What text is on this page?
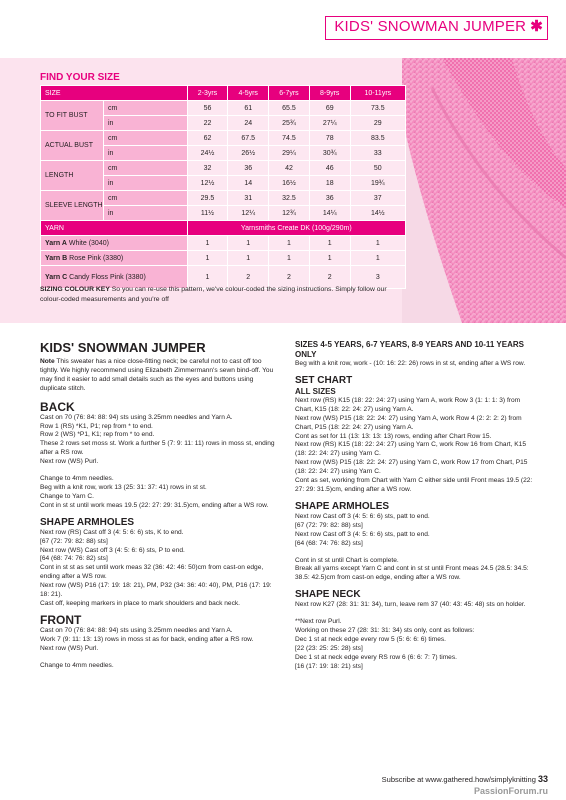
KIDS' SNOWMAN JUMPER ✱
FIND YOUR SIZE
SIZE		2-3yrs	4-5yrs	6-7yrs	8-9yrs	10-11yrs
TO FIT BUST	cm	56	61	65.5	69	73.5
	in	22	24	25¾	27¼	29
ACTUAL BUST	cm	62	67.5	74.5	78	83.5
	in	24½	26½	29¼	30¾	33
LENGTH	cm	32	36	42	46	50
	in	12½	14	16½	18	19¾
SLEEVE LENGTH	cm	29.5	31	32.5	36	37
	in	11½	12¼	12¾	14¼	14½
YARN		Yarnsmiths Create DK (100g/290m)				
Yarn A White (3040)		1	1	1	1	1
Yarn B Rose Pink (3380)		1	1	1	1	1
Yarn C Candy Floss Pink (3380)		1	2	2	2	3
SIZING COLOUR KEY So you can re-use this pattern, we've colour-coded the sizing instructions. Simply follow our colour-coded measurements and you're off
KIDS' SNOWMAN JUMPER

Note This sweater has a nice close-fitting neck; be careful not to cast off too tightly. We highly recommend using Elizabeth Zimmermann's sewn bind-off. You may find it easier to add small details such as the eyes and buttons using duplicate stitch.

BACK

Cast on 70 (76: 84: 88: 94) sts using 3.25mm needles and Yarn A.

Row 1 (RS) *K1, P1; rep from * to end.

Row 2 (WS) *P1, K1; rep from * to end.

These 2 rows set moss st. Work a further 5 (7: 9: 11: 11) rows in moss st, ending after a RS row.

Next row (WS) Purl.

Change to 4mm needles.

Beg with a knit row, work 13 (25: 31: 37: 41) rows in st st.

Change to Yarn C.

Cont in st st until work meas 19.5 (22: 27: 29: 31.5)cm, ending after a WS row.

SHAPE ARMHOLES

Next row (RS) Cast off 3 (4: 5: 6: 6) sts, K to end.

[67 (72: 79: 82: 88) sts]

Next row (WS) Cast off 3 (4: 5: 6: 6) sts, P to end.

[64 (68: 74: 76: 82) sts]

Cont in st st as set until work meas 32 (36: 42: 46: 50)cm from cast-on edge, ending after a WS row.

Next row (WS) P16 (17: 19: 18: 21), PM, P32 (34: 36: 40: 40), PM, P16 (17: 19: 18: 21).

Cast off, keeping markers in place to mark shoulders and back neck.

FRONT

Cast on 70 (76: 84: 88: 94) sts using 3.25mm needles and Yarn A.

Work 7 (9: 11: 13: 13) rows in moss st as for back, ending after a RS row.

Next row (WS) Purl.

Change to 4mm needles.

SIZES 4-5 YEARS, 6-7 YEARS, 8-9 YEARS AND 10-11 YEARS ONLY

Beg with a knit row, work - (10: 16: 22: 26) rows in st st, ending after a WS row.

SET CHART
ALL SIZES

Next row (RS) K15 (18: 22: 24: 27) using Yarn A, work Row 3 (1: 1: 1: 3) from Chart, K15 (18: 22: 24: 27) using Yarn A.

Next row (WS) P15 (18: 22: 24: 27) using Yarn A, work Row 4 (2: 2: 2: 2) from Chart, P15 (18: 22: 24: 27) using Yarn A.

Cont as set for 11 (13: 13: 13: 13) rows, ending after Chart Row 15.

Next row (RS) K15 (18: 22: 24: 27) using Yarn C, work Row 16 from Chart, K15 (18: 22: 24: 27) using Yarn C.

Next row (WS) P15 (18: 22: 24: 27) using Yarn C, work Row 17 from Chart, P15 (18: 22: 24: 27) using Yarn C.

Cont as set, working from Chart with Yarn C either side until Front meas 19.5 (22: 27: 29: 31.5)cm, ending after a WS row.

SHAPE ARMHOLES

Next row Cast off 3 (4: 5: 6: 6) sts, patt to end.

[67 (72: 79: 82: 88) sts]

Next row Cast off 3 (4: 5: 6: 6) sts, patt to end.

[64 (68: 74: 76: 82) sts]

Cont in st st until Chart is complete.

Break all yarns except Yarn C and cont in st st until Front meas 24.5 (28.5: 34.5: 38.5: 42.5)cm from cast-on edge, ending after a WS row.

SHAPE NECK

Next row K27 (28: 31: 31: 34), turn, leave rem 37 (40: 43: 45: 48) sts on holder.

**Next row Purl.

Working on these 27 (28: 31: 31: 34) sts only, cont as follows:

Dec 1 st at neck edge every row 5 (5: 6: 6: 6) times.

[22 (23: 25: 25: 28) sts]

Dec 1 st at neck edge every RS row 6 (6: 6: 7: 7) times.

[16 (17: 19: 18: 21) sts]

Subscribe at www.gathered.how/simplyknitting 33
PassionForum.ru
